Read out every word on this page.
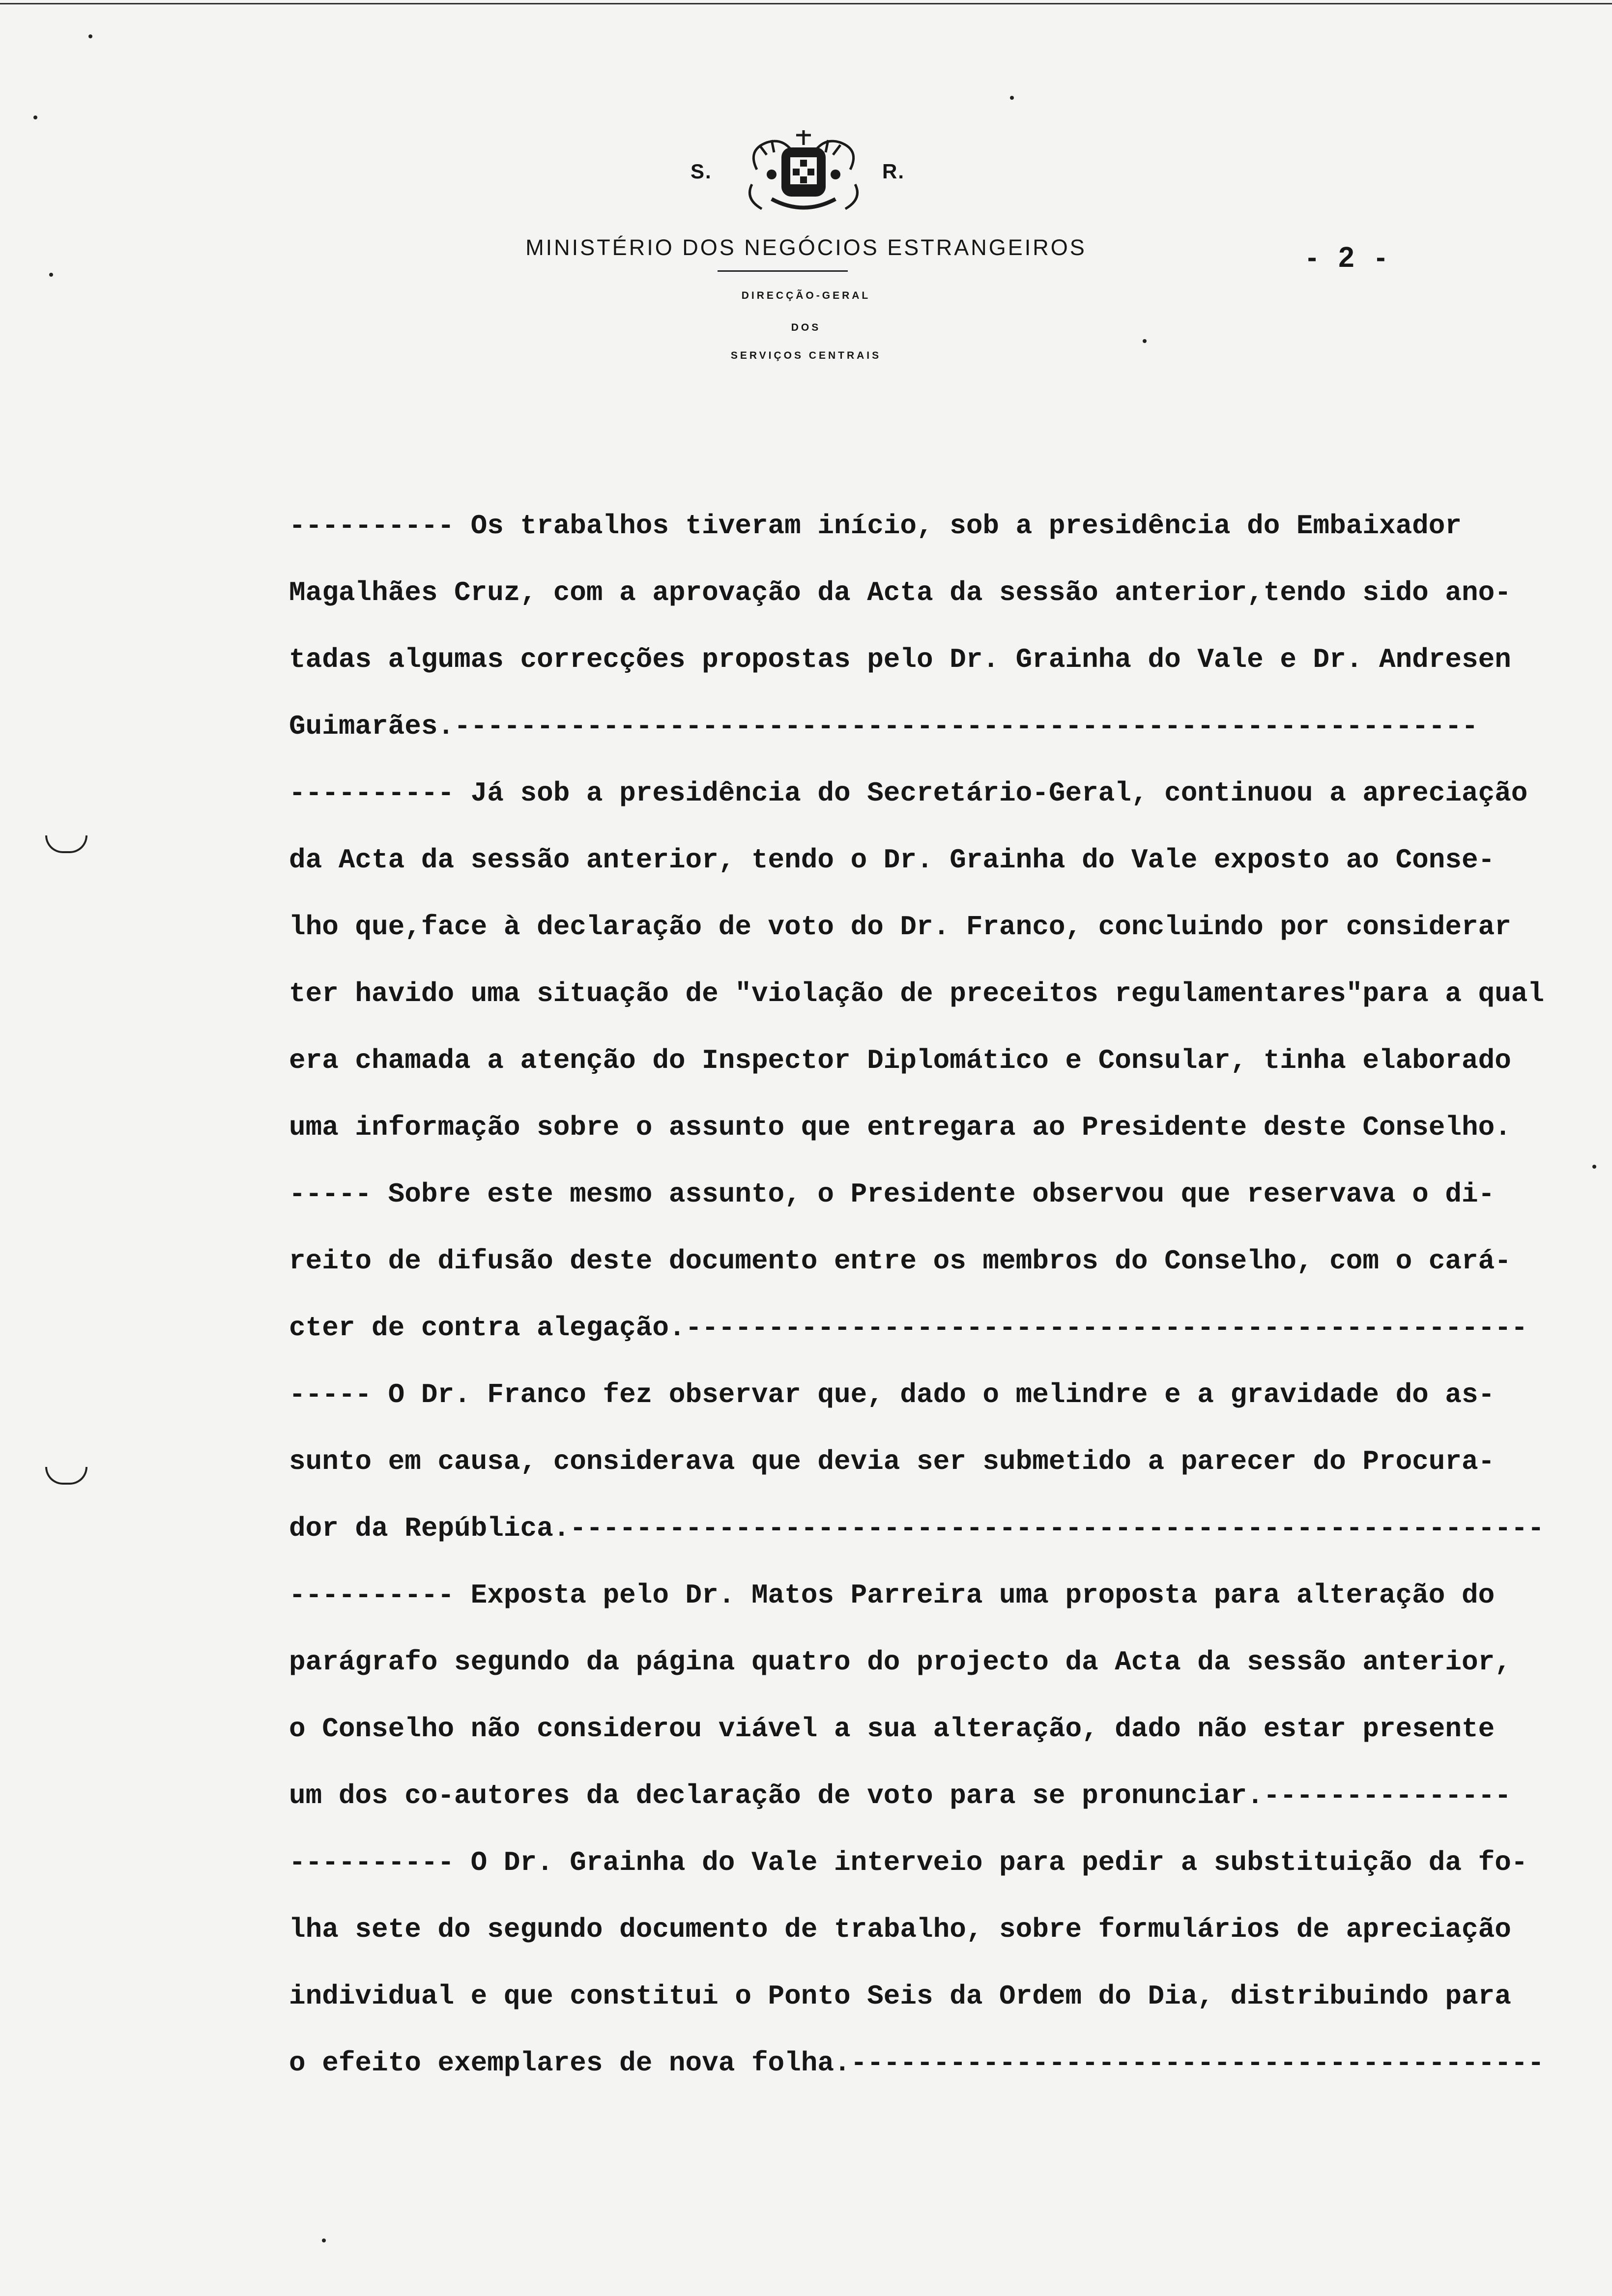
S.	R.
MINISTÉRIO DOS NEGÓCIOS ESTRANGEIROS
DIRECÇÃO-GERAL
DOS
SERVIÇOS CENTRAIS
- 2 -
---------- Os trabalhos tiveram início, sob a presidência do Embaixador
Magalhães Cruz, com a aprovação da Acta da sessão anterior,tendo sido ano-
tadas algumas correcções propostas pelo Dr. Grainha do Vale e Dr. Andresen
Guimarães.--------------------------------------------------------------
---------- Já sob a presidência do Secretário-Geral, continuou a apreciação
da Acta da sessão anterior, tendo o Dr. Grainha do Vale exposto ao Conse-
lho que,face à declaração de voto do Dr. Franco, concluindo por considerar
ter havido uma situação de "violação de preceitos regulamentares"para a qual
era chamada a atenção do Inspector Diplomático e Consular, tinha elaborado
uma informação sobre o assunto que entregara ao Presidente deste Conselho.
----- Sobre este mesmo assunto, o Presidente observou que reservava o di-
reito de difusão deste documento entre os membros do Conselho, com o cará-
cter de contra alegação.---------------------------------------------------
----- O Dr. Franco fez observar que, dado o melindre e a gravidade do as-
sunto em causa, considerava que devia ser submetido a parecer do Procura-
dor da República.-----------------------------------------------------------
---------- Exposta pelo Dr. Matos Parreira uma proposta para alteração do
parágrafo segundo da página quatro do projecto da Acta da sessão anterior,
o Conselho não considerou viável a sua alteração, dado não estar presente
um dos co-autores da declaração de voto para se pronunciar.---------------
---------- O Dr. Grainha do Vale interveio para pedir a substituição da fo-
lha sete do segundo documento de trabalho, sobre formulários de apreciação
individual e que constitui o Ponto Seis da Ordem do Dia, distribuindo para
o efeito exemplares de nova folha.------------------------------------------
